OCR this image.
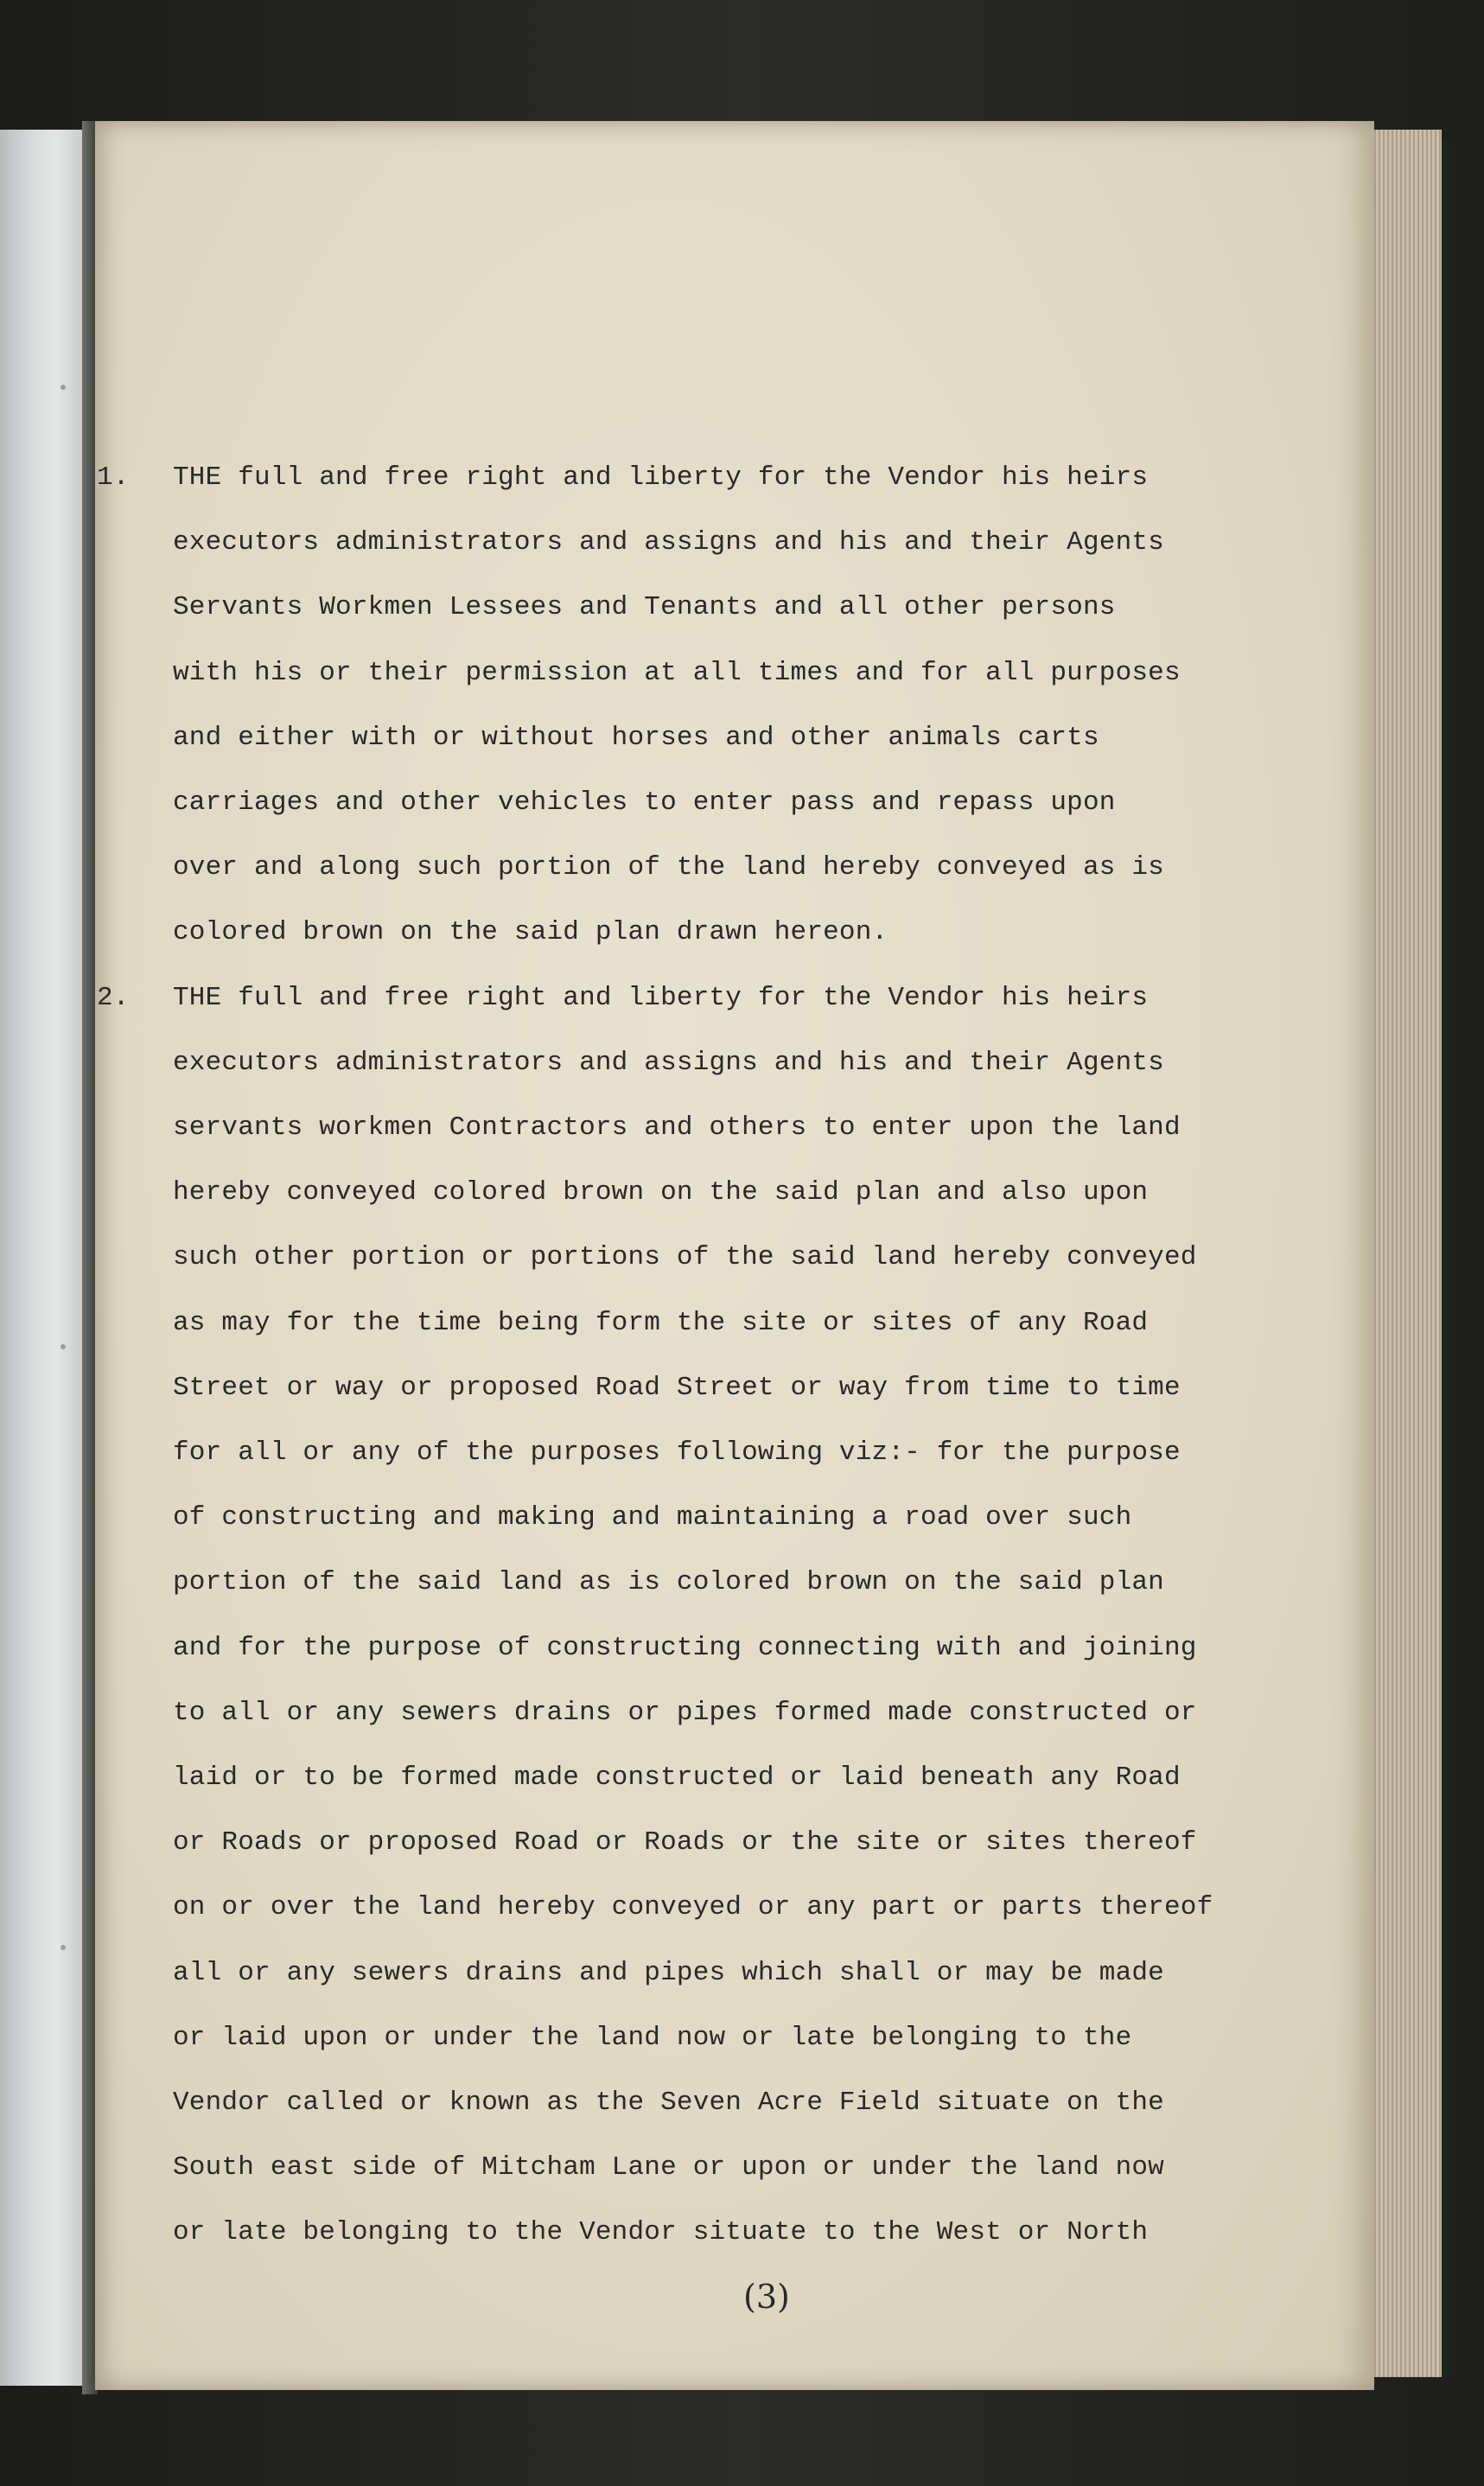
1. THE full and free right and liberty for the Vendor his heirs
executors administrators and assigns and his and their Agents
Servants Workmen Lessees and Tenants and all other persons
with his or their permission at all times and for all purposes
and either with or without horses and other animals carts
carriages and other vehicles to enter pass and repass upon
over and along such portion of the land hereby conveyed as is
colored brown on the said plan drawn hereon.
2. THE full and free right and liberty for the Vendor his heirs
executors administrators and assigns and his and their Agents
servants workmen Contractors and others to enter upon the land
hereby conveyed colored brown on the said plan and also upon
such other portion or portions of the said land hereby conveyed
as may for the time being form the site or sites of any Road
Street or way or proposed Road Street or way from time to time
for all or any of the purposes following viz:- for the purpose
of constructing and making and maintaining a road over such
portion of the said land as is colored brown on the said plan
and for the purpose of constructing connecting with and joining
to all or any sewers drains or pipes formed made constructed or
laid or to be formed made constructed or laid beneath any Road
or Roads or proposed Road or Roads or the site or sites thereof
on or over the land hereby conveyed or any part or parts thereof
all or any sewers drains and pipes which shall or may be made
or laid upon or under the land now or late belonging to the
Vendor called or known as the Seven Acre Field situate on the
South east side of Mitcham Lane or upon or under the land now
or late belonging to the Vendor situate to the West or North
(3)
